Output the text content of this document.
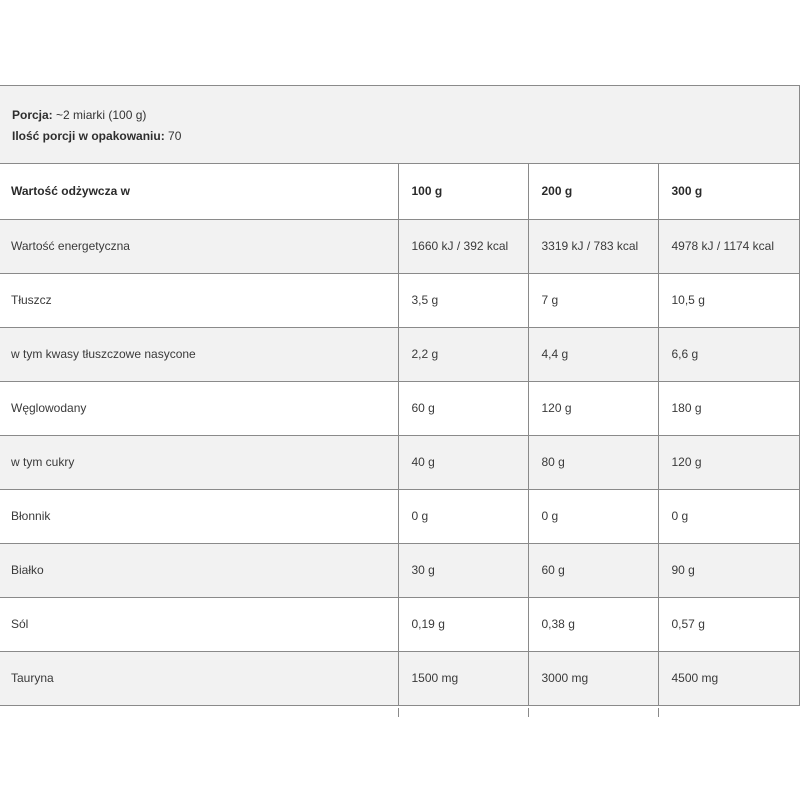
Porcja: ~2 miarki (100 g)
Ilość porcji w opakowaniu: 70
Wartość odżywcza w	100 g	200 g	300 g
Wartość energetyczna	1660 kJ / 392 kcal	3319 kJ / 783 kcal	4978 kJ / 1174 kcal
Tłuszcz	3,5 g	7 g	10,5 g
w tym kwasy tłuszczowe nasycone	2,2 g	4,4 g	6,6 g
Węglowodany	60 g	120 g	180 g
w tym cukry	40 g	80 g	120 g
Błonnik	0 g	0 g	0 g
Białko	30 g	60 g	90 g
Sól	0,19 g	0,38 g	0,57 g
Tauryna	1500 mg	3000 mg	4500 mg
